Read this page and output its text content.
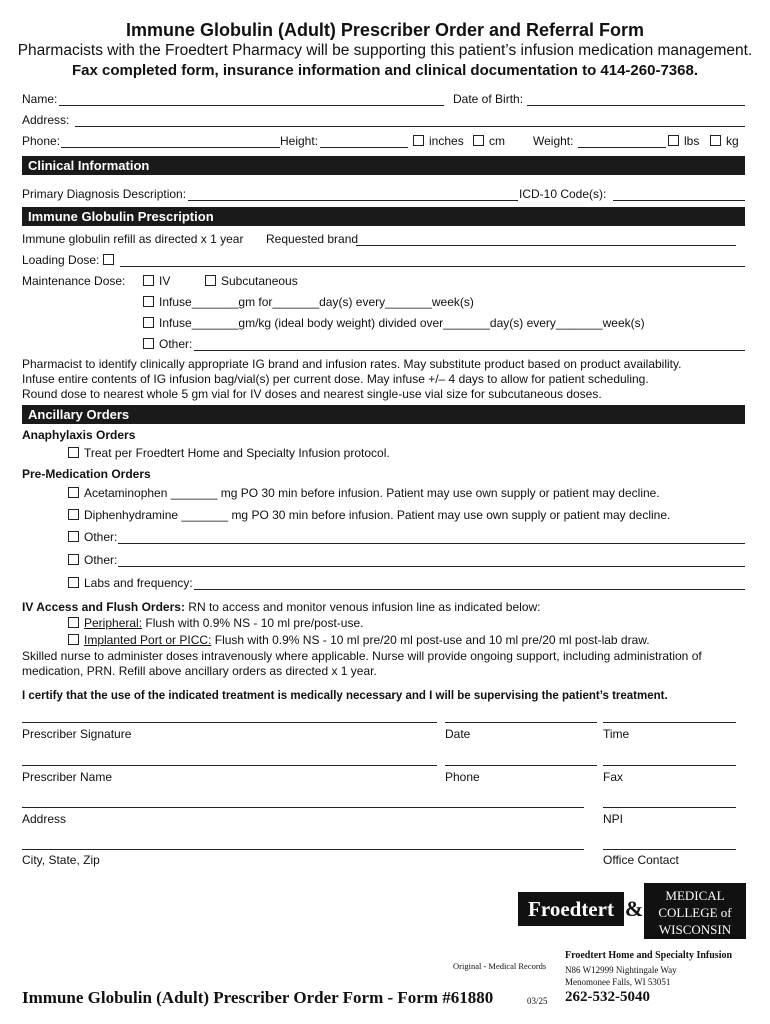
Immune Globulin (Adult) Prescriber Order and Referral Form
Pharmacists with the Froedtert Pharmacy will be supporting this patient’s infusion medication management.
Fax completed form, insurance information and clinical documentation to 414-260-7368.
Name:	Date of Birth:
Address:
Phone:	Height:	inches	cm Weight:	lbs	kg
Clinical Information
Primary Diagnosis Description:	ICD-10 Code(s):
Immune Globulin Prescription
Immune globulin refill as directed x 1 year Requested brand
Loading Dose:
Maintenance Dose:	IV	Subcutaneous
Infuse_______gm for_______day(s) every_______week(s)
Infuse_______gm/kg (ideal body weight) divided over_______day(s) every_______week(s)
Other:
Pharmacist to identify clinically appropriate IG brand and infusion rates. May substitute product based on product availability.
Infuse entire contents of IG infusion bag/vial(s) per current dose. May infuse +/– 4 days to allow for patient scheduling.
Round dose to nearest whole 5 gm vial for IV doses and nearest single-use vial size for subcutaneous doses.
Ancillary Orders
Anaphylaxis Orders
Treat per Froedtert Home and Specialty Infusion protocol.
Pre-Medication Orders
Acetaminophen _______ mg PO 30 min before infusion. Patient may use own supply or patient may decline.
Diphenhydramine _______ mg PO 30 min before infusion. Patient may use own supply or patient may decline.
Other:
Other:
Labs and frequency:
IV Access and Flush Orders: RN to access and monitor venous infusion line as indicated below:
Peripheral: Flush with 0.9% NS - 10 ml pre/post-use.
Implanted Port or PICC: Flush with 0.9% NS - 10 ml pre/20 ml post-use and 10 ml pre/20 ml post-lab draw.
Skilled nurse to administer doses intravenously where applicable. Nurse will provide ongoing support, including administration of
medication, PRN. Refill above ancillary orders as directed x 1 year.
I certify that the use of the indicated treatment is medically necessary and I will be supervising the patient’s treatment.
Prescriber Signature	Date	Time
Prescriber Name	Phone	Fax
Address	NPI
City, State, Zip	Office Contact
Froedtert &
MEDICAL
COLLEGE of
WISCONSIN
Original - Medical Records
Froedtert Home and Specialty Infusion
N86 W12999 Nightingale Way
Menomonee Falls, WI 53051
Immune Globulin (Adult) Prescriber Order Form - Form #61880	03/25 262-532-5040
